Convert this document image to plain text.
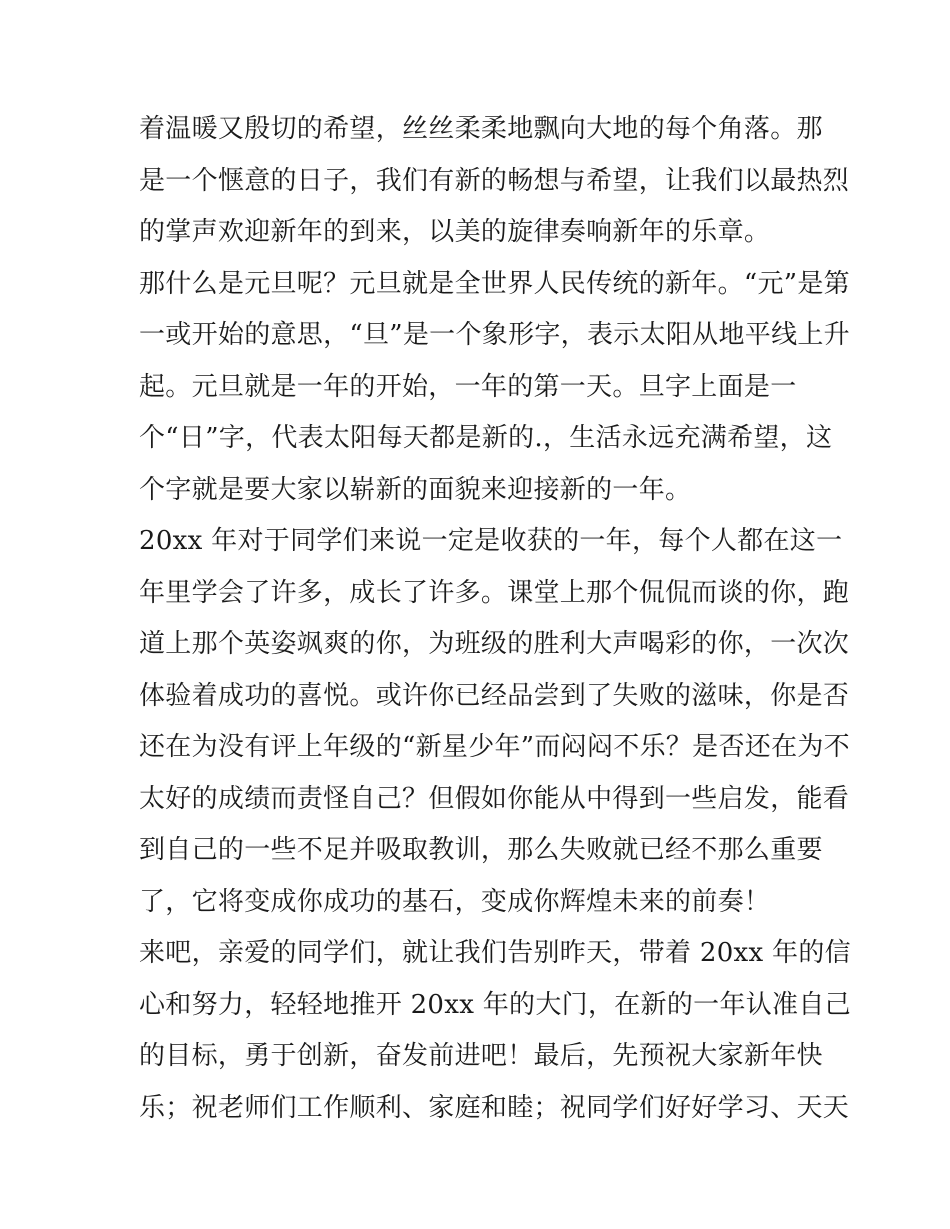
着温暖又殷切的希望，丝丝柔柔地飘向大地的每个角落。那
是一个惬意的日子，我们有新的畅想与希望，让我们以最热烈
的掌声欢迎新年的到来，以美的旋律奏响新年的乐章。
那什么是元旦呢？元旦就是全世界人民传统的新年。“元”是第
一或开始的意思，“旦”是一个象形字，表示太阳从地平线上升
起。元旦就是一年的开始，一年的第一天。旦字上面是一
个“日”字，代表太阳每天都是新的.，生活永远充满希望，这
个字就是要大家以崭新的面貌来迎接新的一年。
20xx 年对于同学们来说一定是收获的一年，每个人都在这一
年里学会了许多，成长了许多。课堂上那个侃侃而谈的你，跑
道上那个英姿飒爽的你，为班级的胜利大声喝彩的你，一次次
体验着成功的喜悦。或许你已经品尝到了失败的滋味，你是否
还在为没有评上年级的“新星少年”而闷闷不乐？是否还在为不
太好的成绩而责怪自己？但假如你能从中得到一些启发，能看
到自己的一些不足并吸取教训，那么失败就已经不那么重要
了，它将变成你成功的基石，变成你辉煌未来的前奏！
来吧，亲爱的同学们，就让我们告别昨天，带着 20xx 年的信
心和努力，轻轻地推开 20xx 年的大门，在新的一年认准自己
的目标，勇于创新，奋发前进吧！最后，先预祝大家新年快
乐；祝老师们工作顺利、家庭和睦；祝同学们好好学习、天天
